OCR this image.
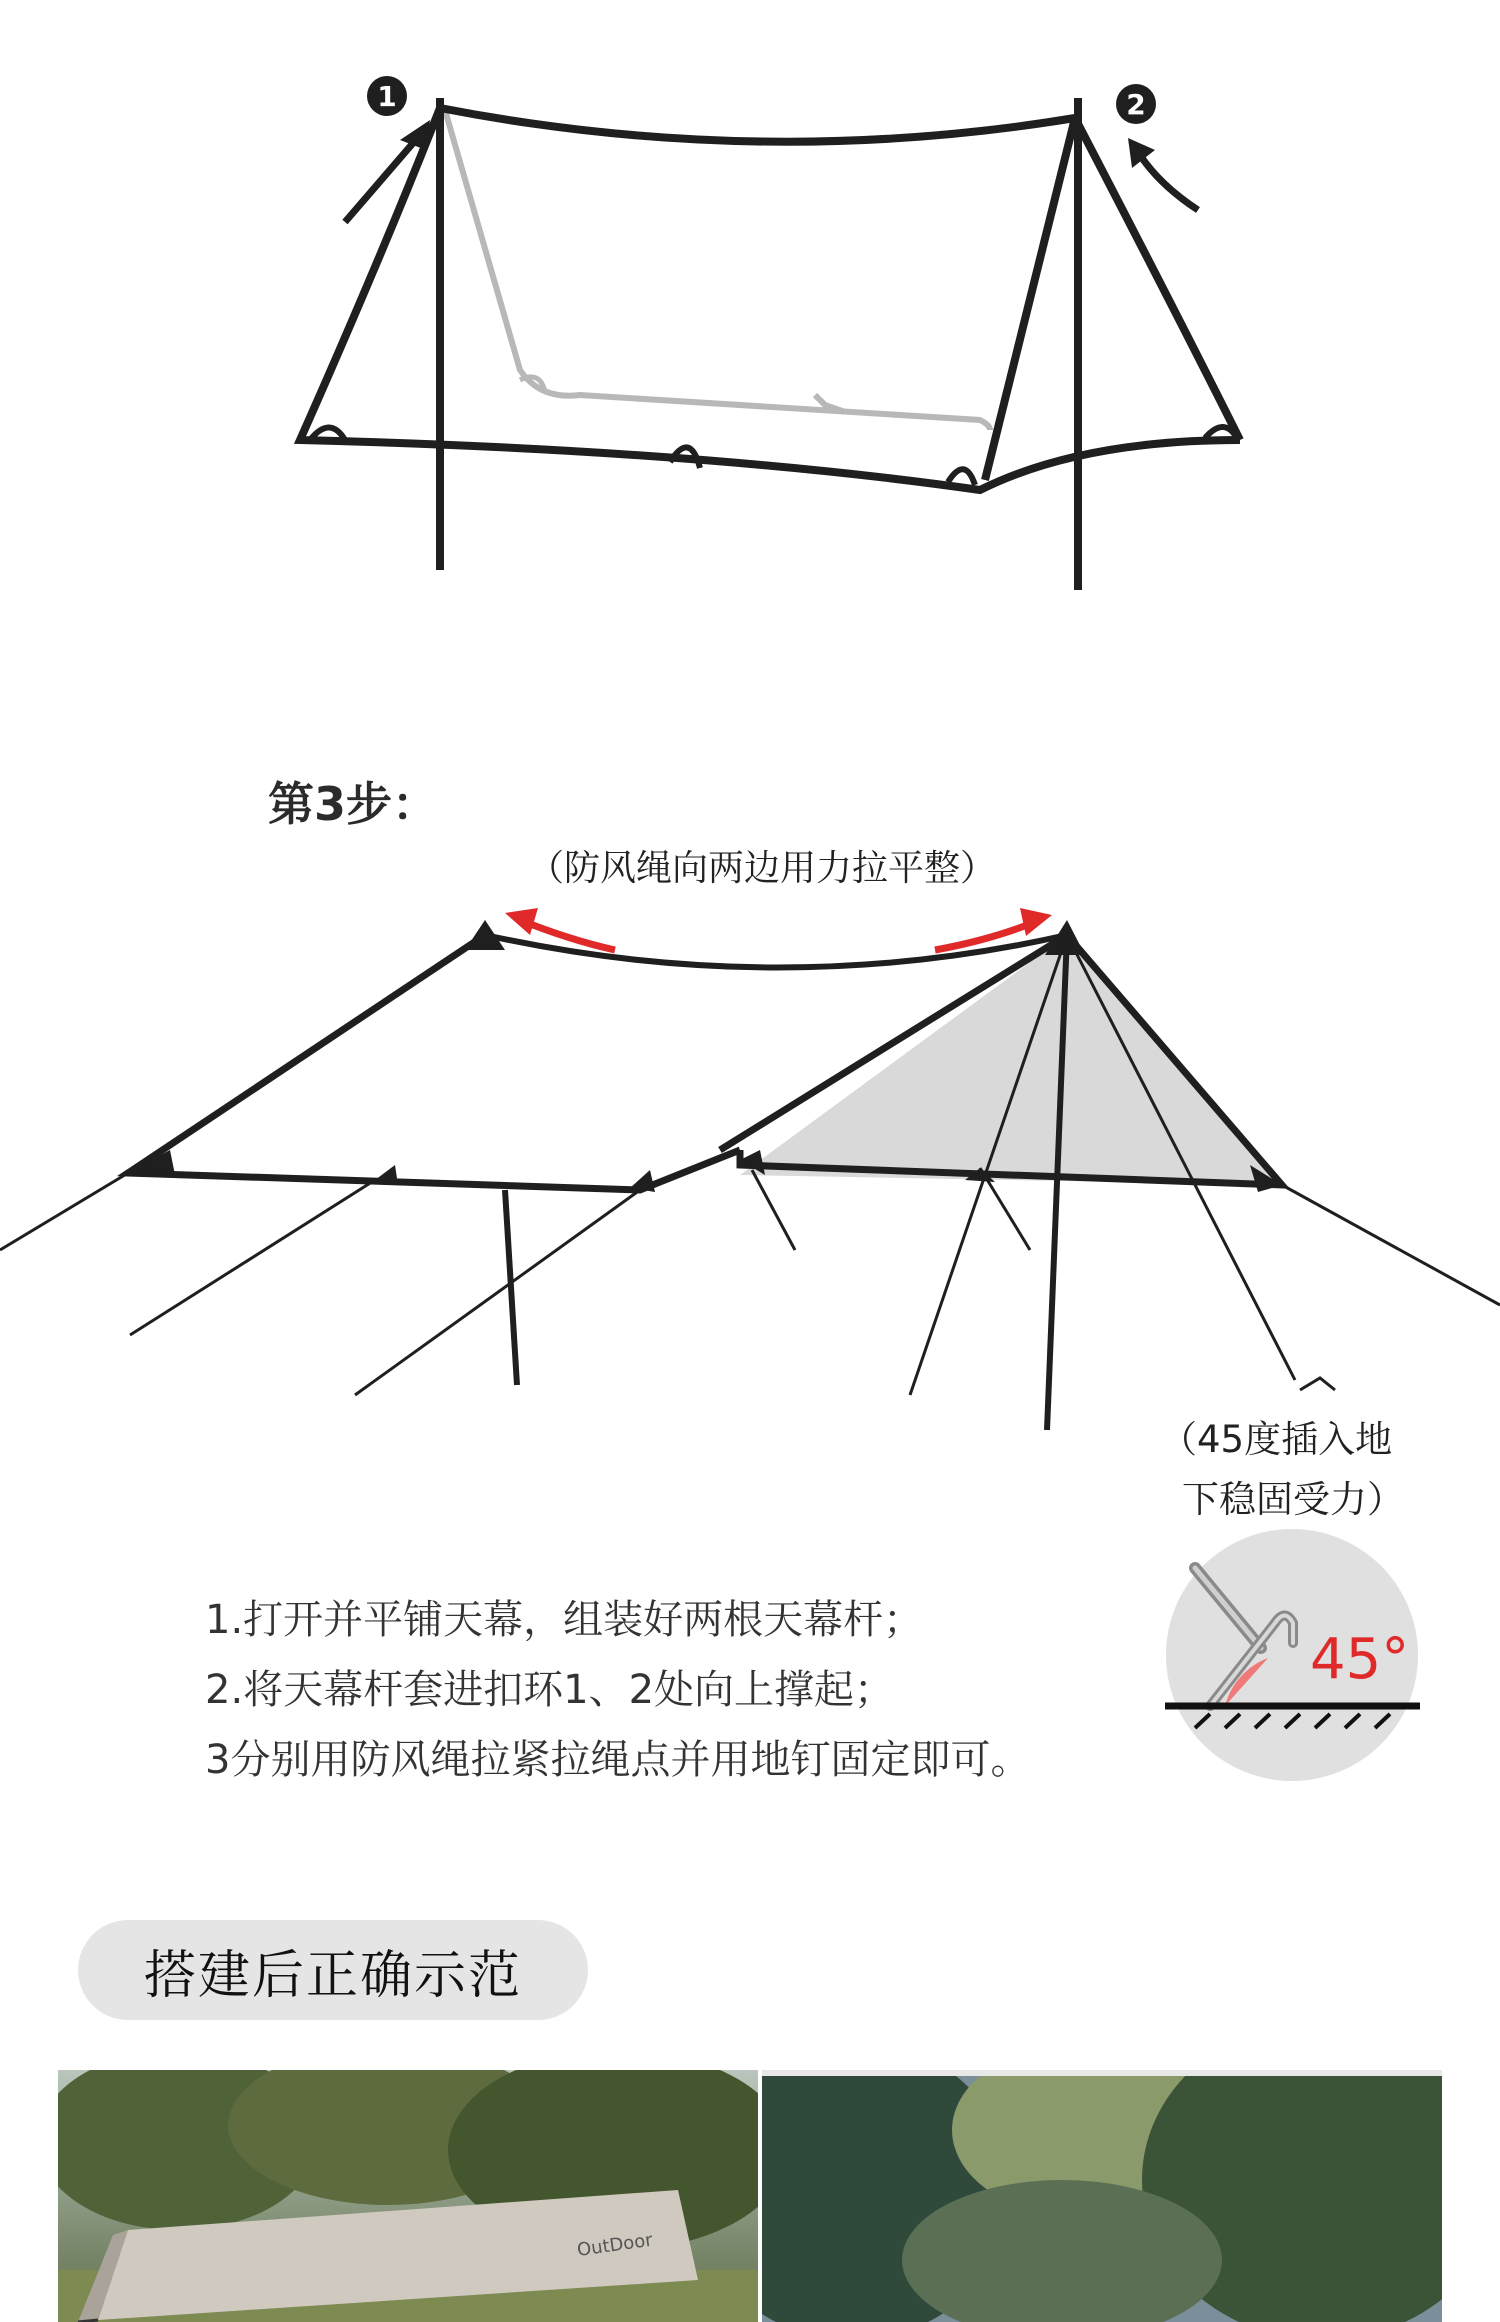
1	2
第3步：
（防风绳向两边用力拉平整）
（45度插入地
下稳固受力）
45°
1.打开并平铺天幕，组装好两根天幕杆；
2.将天幕杆套进扣环1、2处向上撑起；
3分别用防风绳拉紧拉绳点并用地钉固定即可。
搭建后正确示范
OutDoor
